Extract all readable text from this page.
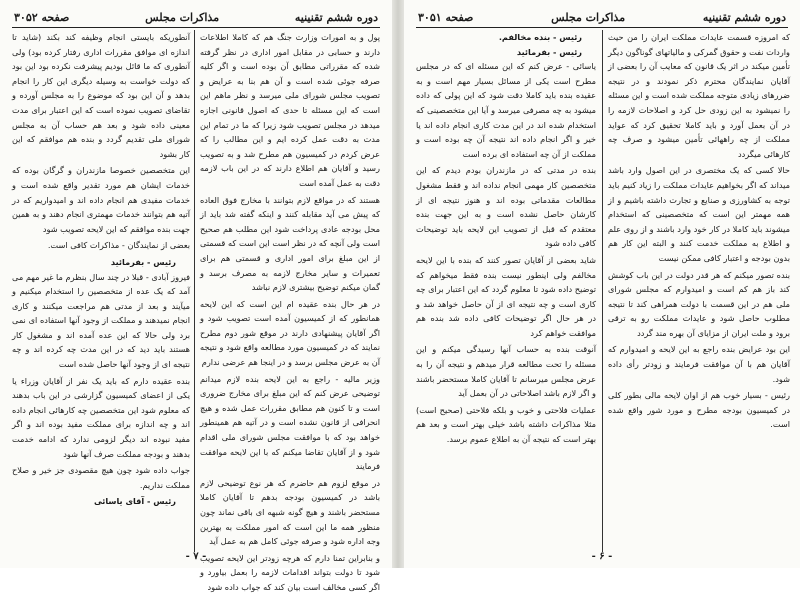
دوره ششم تقنینیه
مذاکرات مجلس
صفحه ۳۰۵۲

پول و به امورات وزارت جنگ هم که کاملا اطلاعات دارند و حسابی در مقابل امور اداری در نظر گرفته شده که مقرراتی مطابق آن بوده است و اگر کلیه صرفه جوئی شده است و آن هم بنا به عرایض و تصویب مجلس شورای ملی میرسد و نظر ماهم این است که این مسئله تا حدی که اصول قانونی اجازه میدهد در مجلس تصویب شود زیرا که ما در تمام این مدت به دقت عمل کرده ایم و این مطالب را که عرض کردم در کمیسیون هم مطرح شد و به تصویب رسید و آقایان هم اطلاع دارند که در این باب لازمه دقت به عمل آمده است

هستند که در مواقع لازم بتوانند با مخارج فوق العاده که پیش می آید مقابله کنند و اینکه گفته شد باید از محل بودجه عادی پرداخت شود این مطلب هم صحیح است ولی آنچه که در نظر است این است که قسمتی از این مبلغ برای امور اداری و قسمتی هم برای تعمیرات و سایر مخارج لازمه به مصرف برسد و گمان میکنم توضیح بیشتری لازم نباشد

در هر حال بنده عقیده ام این است که این لایحه همانطور که از کمیسیون آمده است تصویب شود و اگر آقایان پیشنهادی دارند در موقع شور دوم مطرح نمایند که در کمیسیون مورد مطالعه واقع شود و نتیجه آن به عرض مجلس برسد و در اینجا هم عرضی ندارم

وزیر مالیه - راجع به این لایحه بنده لازم میدانم توضیحی عرض کنم که این مبلغ برای مخارج ضروری است و تا کنون هم مطابق مقررات عمل شده و هیچ انحرافی از قانون نشده است و در آتیه هم همینطور خواهد بود که با موافقت مجلس شورای ملی اقدام شود و از آقایان تقاضا میکنم که با این لایحه موافقت فرمایند

در موقع لزوم هم حاضرم که هر نوع توضیحی لازم باشد در کمیسیون بودجه بدهم تا آقایان کاملا مستحضر باشند و هیچ گونه شبهه ای باقی نماند چون منظور همه ما این است که امور مملکت به بهترین وجه اداره شود و صرفه جوئی کامل هم به عمل آید

و بنابراین تمنا دارم که هرچه زودتر این لایحه تصویب شود تا دولت بتواند اقدامات لازمه را بعمل بیاورد و اگر کسی مخالف است بیان کند که جواب داده شود

آنطوریکه بایستی انجام وظیفه کند بکند (شاید تا اندازه ای موافق مقررات اداری رفتار کرده بود) ولی آنطوری که ما قائل بودیم پیشرفت نکرده بود این بود که دولت خواست به وسیله دیگری این کار را انجام بدهد و آن این بود که موضوع را به مجلس آورده و تقاضای تصویب نموده است که این اعتبار برای مدت معینی داده شود و بعد هم حساب آن به مجلس شورای ملی تقدیم گردد و بنده هم موافقم که این کار بشود

این متخصصین خصوصا مازندران و گرگان بوده که خدمات ایشان هم مورد تقدیر واقع شده است و خدمات مفیدی هم انجام داده اند و امیدواریم که در آتیه هم بتوانند خدمات مهمتری انجام دهند و به همین جهت بنده موافقم که این لایحه تصویب شود

بعضی از نمایندگان - مذاکرات کافی است.

رئیس - بفرمائید

فیروز آبادی - قبلا در چند سال بنظرم ما غیر مهم می آمد که یک عده از متخصصین را استخدام میکنیم و میآیند و بعد از مدتی هم مراجعت میکنند و کاری انجام نمیدهند و مملکت از وجود آنها استفاده ای نمی برد ولی حالا که این عده آمده اند و مشغول کار هستند باید دید که در این مدت چه کرده اند و چه نتیجه ای از وجود آنها حاصل شده است

بنده عقیده دارم که باید یک نفر از آقایان وزراء یا یکی از اعضای کمیسیون گزارشی در این باب بدهند که معلوم شود این متخصصین چه کارهائی انجام داده اند و چه اندازه برای مملکت مفید بوده اند و اگر مفید نبوده اند دیگر لزومی ندارد که ادامه خدمت بدهند و بودجه مملکت صرف آنها شود

جواب داده شود چون هیچ مقصودی جز خیر و صلاح مملکت نداریم.

رئیس - آقای یاسائی
- ۷ -
دوره ششم تقنینیه
مذاکرات مجلس
صفحه ۳۰۵۱

که امروزه قسمت عایدات مملکت ایران را من حیث واردات نفت و حقوق گمرکی و مالیاتهای گوناگون دیگر تأمین میکند در اثر یک قانون که معایب آن را بعضی از آقایان نمایندگان محترم ذکر نمودند و در نتیجه ضررهای زیادی متوجه مملکت شده است و این مسئله را نمیشود به این زودی حل کرد و اصلاحات لازمه را در آن بعمل آورد و باید کاملا تحقیق کرد که عواید مملکت از چه راههائی تأمین میشود و صرف چه کارهائی میگردد

حالا کسی که یک مختصری در این اصول وارد باشد میداند که اگر بخواهیم عایدات مملکت را زیاد کنیم باید توجه به کشاورزی و صنایع و تجارت داشته باشیم و از همه مهمتر این است که متخصصینی که استخدام میشوند باید کاملا در کار خود وارد باشند و از روی علم و اطلاع به مملکت خدمت کنند و البته این کار هم بدون بودجه و اعتبار کافی ممکن نیست

بنده تصور میکنم که هر قدر دولت در این باب کوشش کند باز هم کم است و امیدوارم که مجلس شورای ملی هم در این قسمت با دولت همراهی کند تا نتیجه مطلوب حاصل شود و عایدات مملکت رو به ترقی برود و ملت ایران از مزایای آن بهره مند گردد

این بود عرایض بنده راجع به این لایحه و امیدوارم که آقایان هم با آن موافقت فرمایند و زودتر رأی داده شود.

رئیس - بسیار خوب هم از اوان لایحه مالی بطور کلی در کمیسیون بودجه مطرح و مورد شور واقع شده است.

رئیس - بنده مخالفم.
رئیس - بفرمائید

یاسائی - عرض کنم که این مسئله ای که در مجلس مطرح است یکی از مسائل بسیار مهم است و به عقیده بنده باید کاملا دقت شود که این پولی که داده میشود به چه مصرفی میرسد و آیا این متخصصینی که استخدام شده اند در این مدت کاری انجام داده اند یا خیر و اگر انجام داده اند نتیجه آن چه بوده است و مملکت از آن چه استفاده ای برده است

بنده در مدتی که در مازندران بودم دیدم که این متخصصین کار مهمی انجام نداده اند و فقط مشغول مطالعات مقدماتی بوده اند و هنوز نتیجه ای از کارشان حاصل نشده است و به این جهت بنده معتقدم که قبل از تصویب این لایحه باید توضیحات کافی داده شود

شاید بعضی از آقایان تصور کنند که بنده با این لایحه مخالفم ولی اینطور نیست بنده فقط میخواهم که توضیح داده شود تا معلوم گردد که این اعتبار برای چه کاری است و چه نتیجه ای از آن حاصل خواهد شد و در هر حال اگر توضیحات کافی داده شد بنده هم موافقت خواهم کرد

آنوقت بنده به حساب آنها رسیدگی میکنم و این مسئله را تحت مطالعه قرار میدهم و نتیجه آن را به عرض مجلس میرسانم تا آقایان کاملا مستحضر باشند و اگر لازم باشد اصلاحاتی در آن بعمل آید

عملیات فلاحتی و خوب و بلکه فلاحتی (صحیح است) مثلا مذاکرات داشته باشد خیلی بهتر است و بعد هم بهتر است که نتیجه آن به اطلاع عموم برسد.

- ۶ -
